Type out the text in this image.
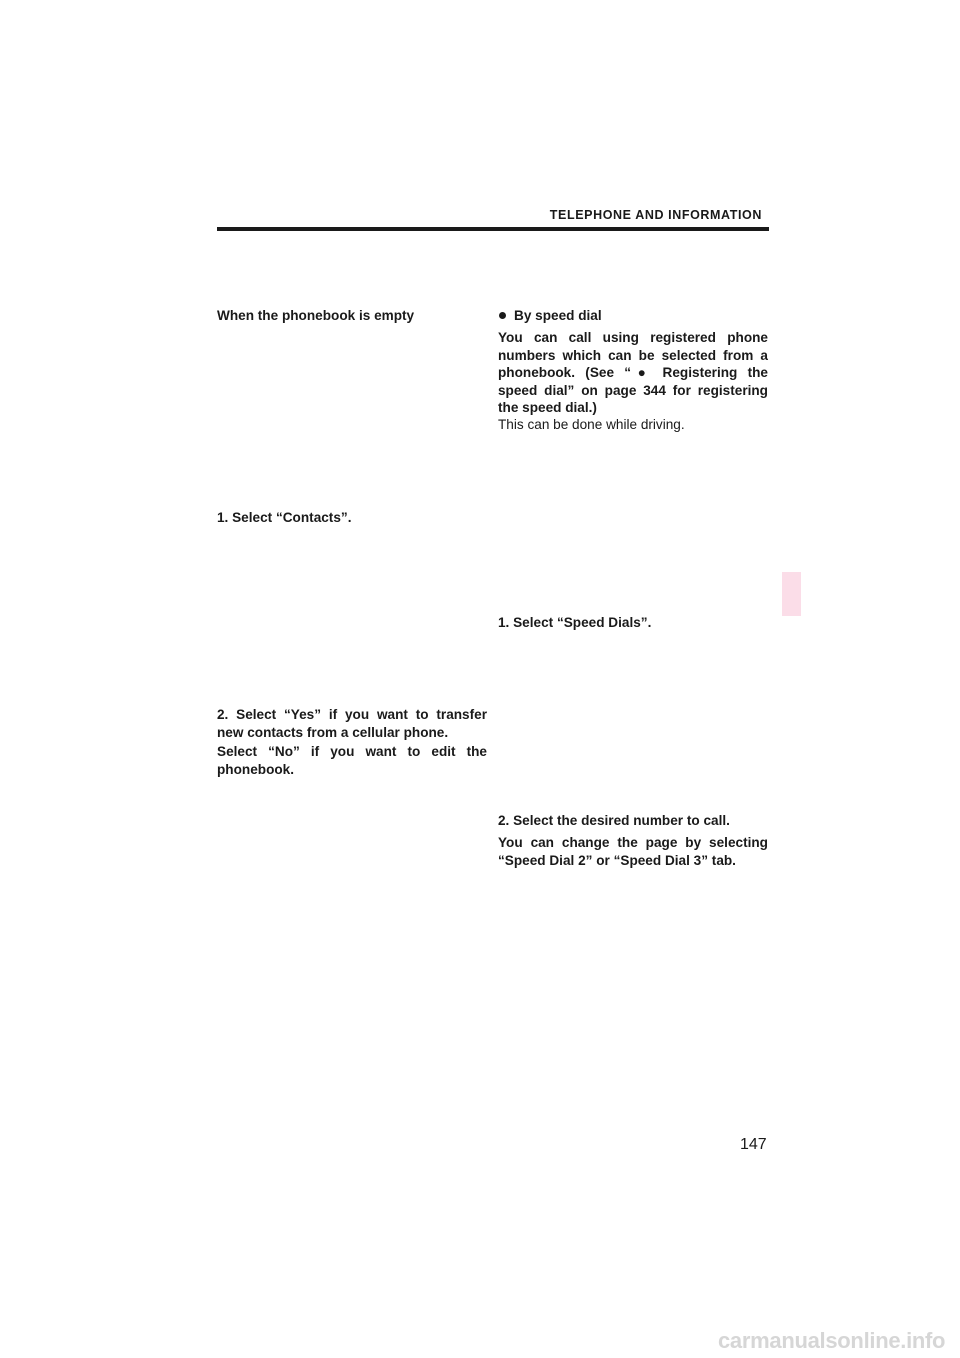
TELEPHONE AND INFORMATION

When the phonebook is empty

1. Select “Contacts”.

2. Select “Yes” if you want to transfer new contacts from a cellular phone.

Select “No” if you want to edit the phonebook.

By speed dial

You can call using registered phone numbers which can be selected from a phonebook. (See “● Registering the speed dial” on page 344 for registering the speed dial.)

This can be done while driving.

1. Select “Speed Dials”.

2. Select the desired number to call.

You can change the page by selecting “Speed Dial 2” or “Speed Dial 3” tab.

147
carmanualsonline.info
